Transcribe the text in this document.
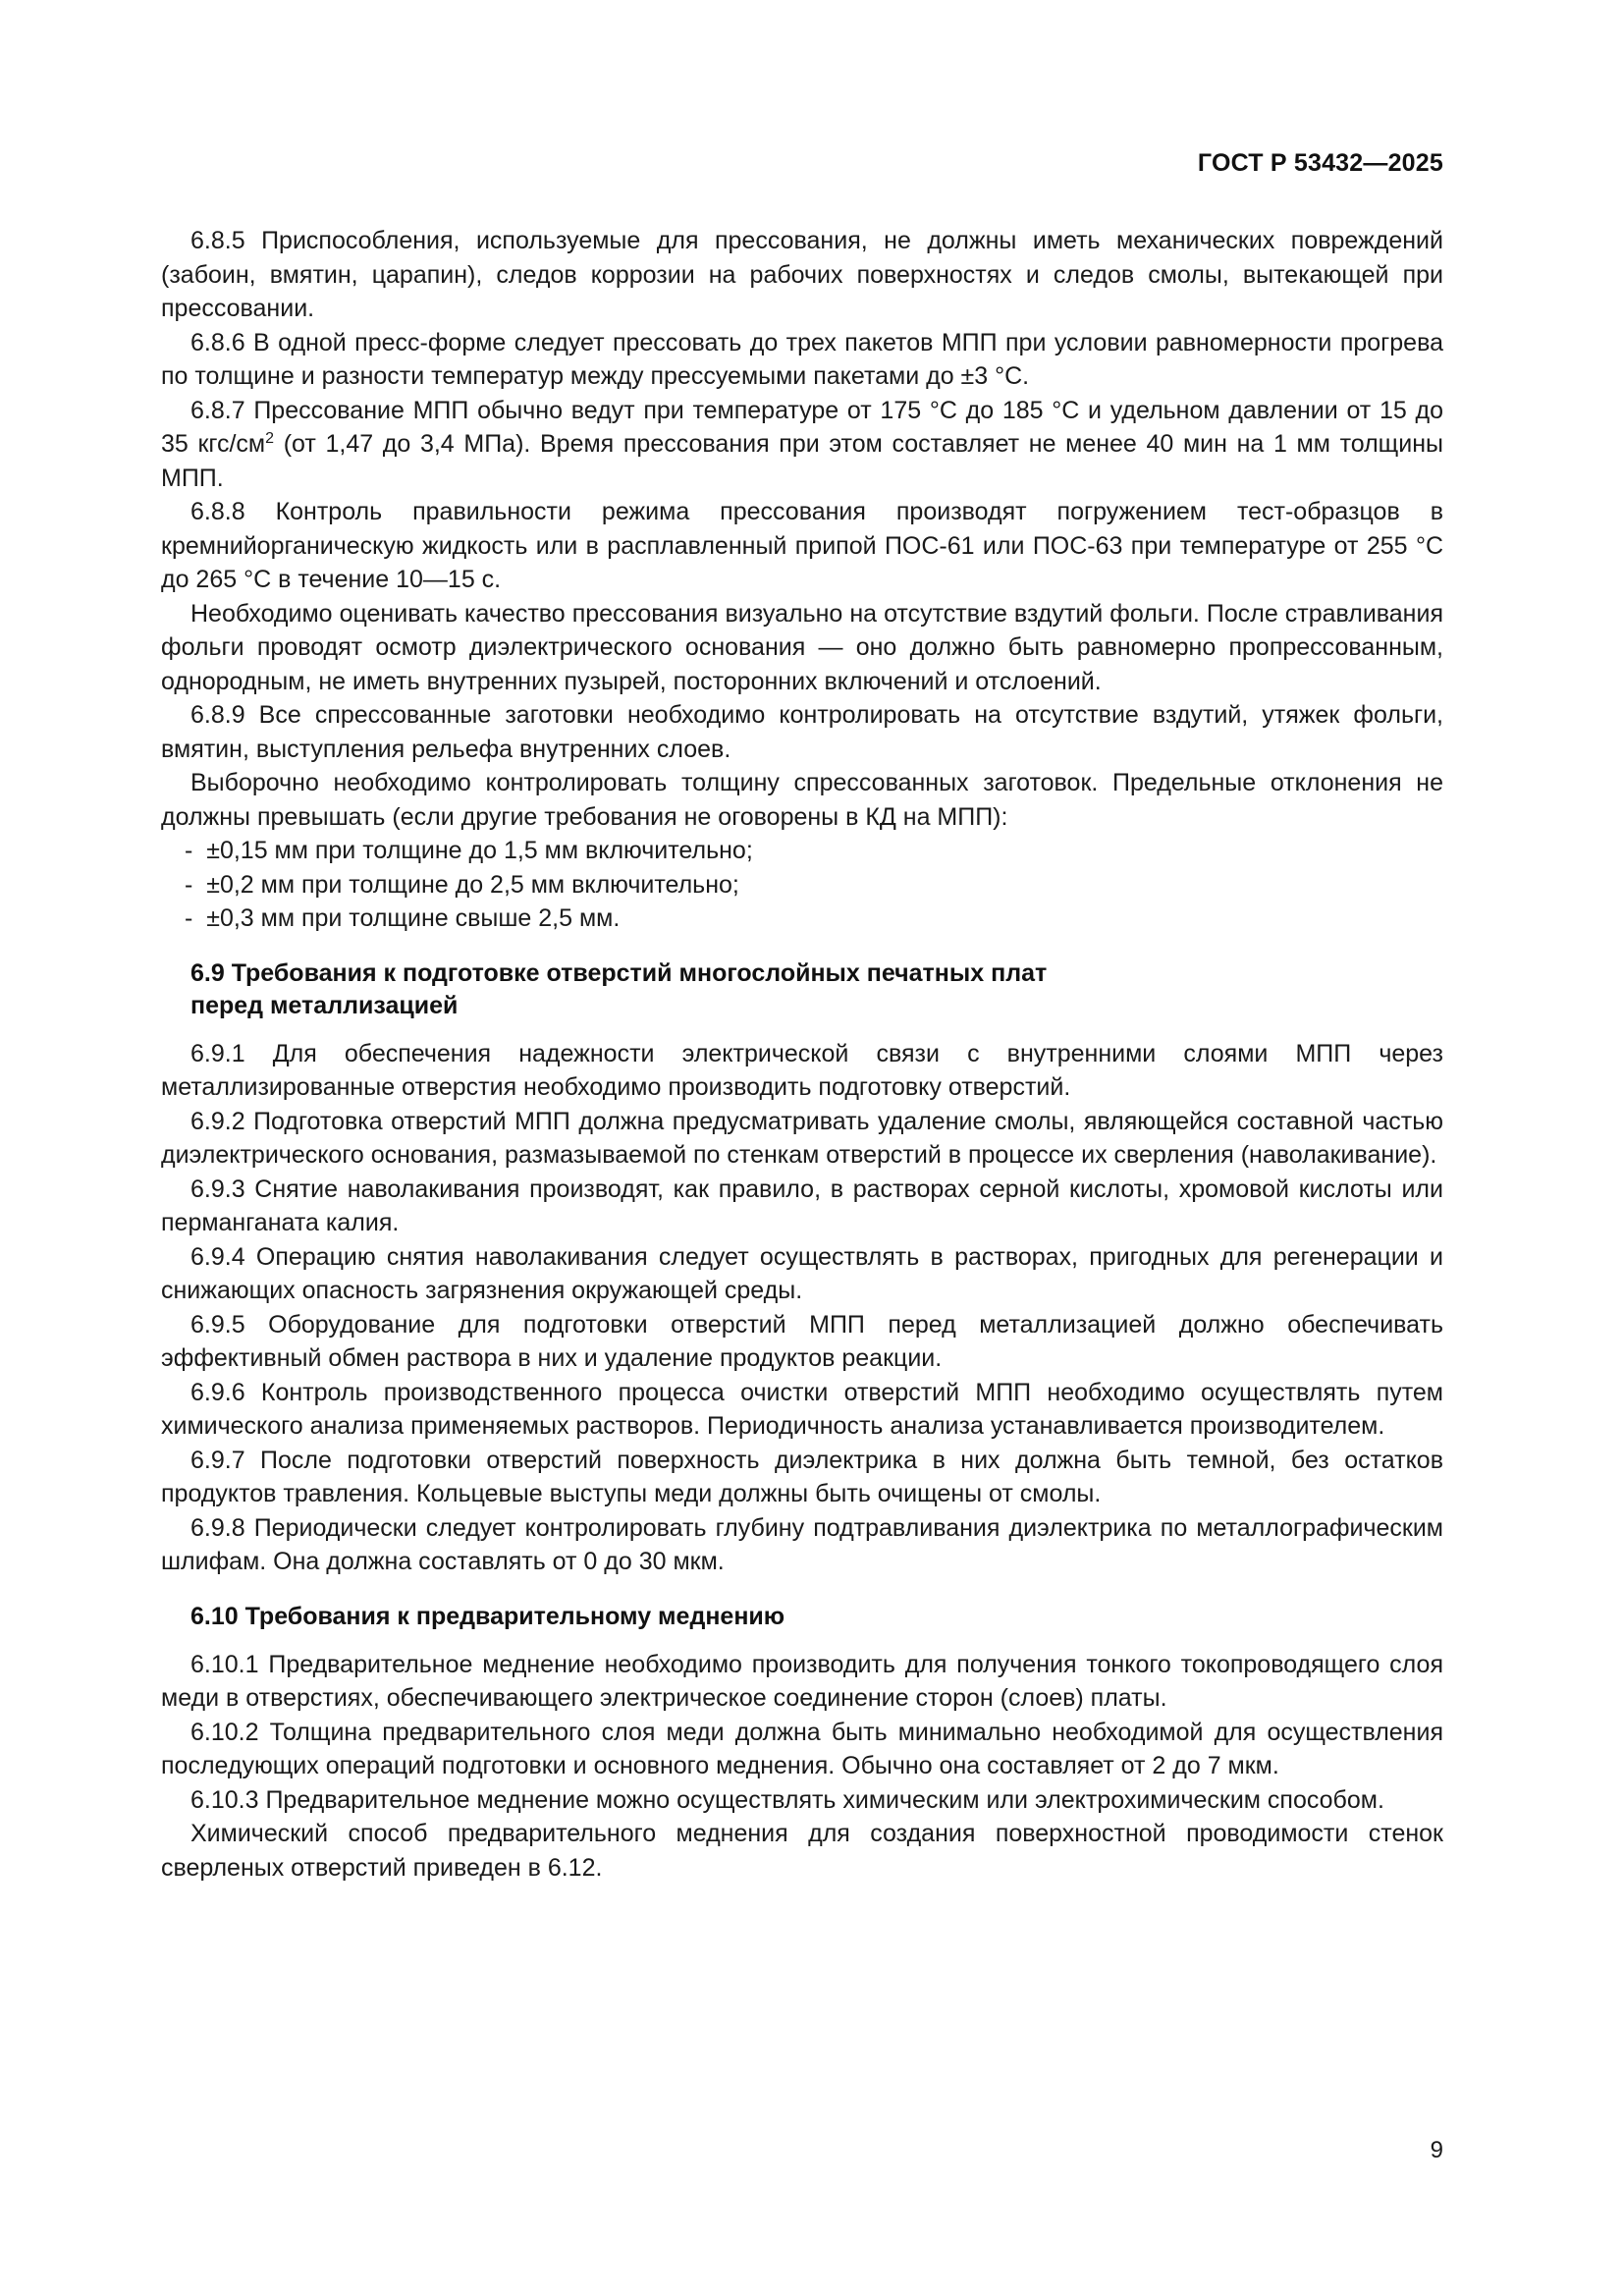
ГОСТ Р 53432—2025

6.8.5 Приспособления, используемые для прессования, не должны иметь механических повреждений (забоин, вмятин, царапин), следов коррозии на рабочих поверхностях и следов смолы, вытекающей при прессовании.

6.8.6 В одной пресс-форме следует прессовать до трех пакетов МПП при условии равномерности прогрева по толщине и разности температур между прессуемыми пакетами до ±3 °С.

6.8.7 Прессование МПП обычно ведут при температуре от 175 °С до 185 °С и удельном давлении от 15 до 35 кгс/$см^2$ (от 1,47 до 3,4 МПа). Время прессования при этом составляет не менее 40 мин на 1 мм толщины МПП.

6.8.8 Контроль правильности режима прессования производят погружением тест-образцов в кремнийорганическую жидкость или в расплавленный припой ПОС-61 или ПОС-63 при температуре от 255 °С до 265 °С в течение 10—15 с.

Необходимо оценивать качество прессования визуально на отсутствие вздутий фольги. После стравливания фольги проводят осмотр диэлектрического основания — оно должно быть равномерно пропрессованным, однородным, не иметь внутренних пузырей, посторонних включений и отслоений.

6.8.9 Все спрессованные заготовки необходимо контролировать на отсутствие вздутий, утяжек фольги, вмятин, выступления рельефа внутренних слоев.

Выборочно необходимо контролировать толщину спрессованных заготовок. Предельные отклонения не должны превышать (если другие требования не оговорены в КД на МПП):

-  ±0,15 мм при толщине до 1,5 мм включительно;
-  ±0,2 мм при толщине до 2,5 мм включительно;
-  ±0,3 мм при толщине свыше 2,5 мм.
6.9 Требования к подготовке отверстий многослойных печатных плат
перед металлизацией

6.9.1 Для обеспечения надежности электрической связи с внутренними слоями МПП через металлизированные отверстия необходимо производить подготовку отверстий.

6.9.2 Подготовка отверстий МПП должна предусматривать удаление смолы, являющейся составной частью диэлектрического основания, размазываемой по стенкам отверстий в процессе их сверления (наволакивание).

6.9.3 Снятие наволакивания производят, как правило, в растворах серной кислоты, хромовой кислоты или перманганата калия.

6.9.4 Операцию снятия наволакивания следует осуществлять в растворах, пригодных для регенерации и снижающих опасность загрязнения окружающей среды.

6.9.5 Оборудование для подготовки отверстий МПП перед металлизацией должно обеспечивать эффективный обмен раствора в них и удаление продуктов реакции.

6.9.6 Контроль производственного процесса очистки отверстий МПП необходимо осуществлять путем химического анализа применяемых растворов. Периодичность анализа устанавливается производителем.

6.9.7 После подготовки отверстий поверхность диэлектрика в них должна быть темной, без остатков продуктов травления. Кольцевые выступы меди должны быть очищены от смолы.

6.9.8 Периодически следует контролировать глубину подтравливания диэлектрика по металлографическим шлифам. Она должна составлять от 0 до 30 мкм.

6.10 Требования к предварительному меднению

6.10.1 Предварительное меднение необходимо производить для получения тонкого токопроводящего слоя меди в отверстиях, обеспечивающего электрическое соединение сторон (слоев) платы.

6.10.2 Толщина предварительного слоя меди должна быть минимально необходимой для осуществления последующих операций подготовки и основного меднения. Обычно она составляет от 2 до 7 мкм.

6.10.3 Предварительное меднение можно осуществлять химическим или электрохимическим способом.

Химический способ предварительного меднения для создания поверхностной проводимости стенок сверленых отверстий приведен в 6.12.

9
